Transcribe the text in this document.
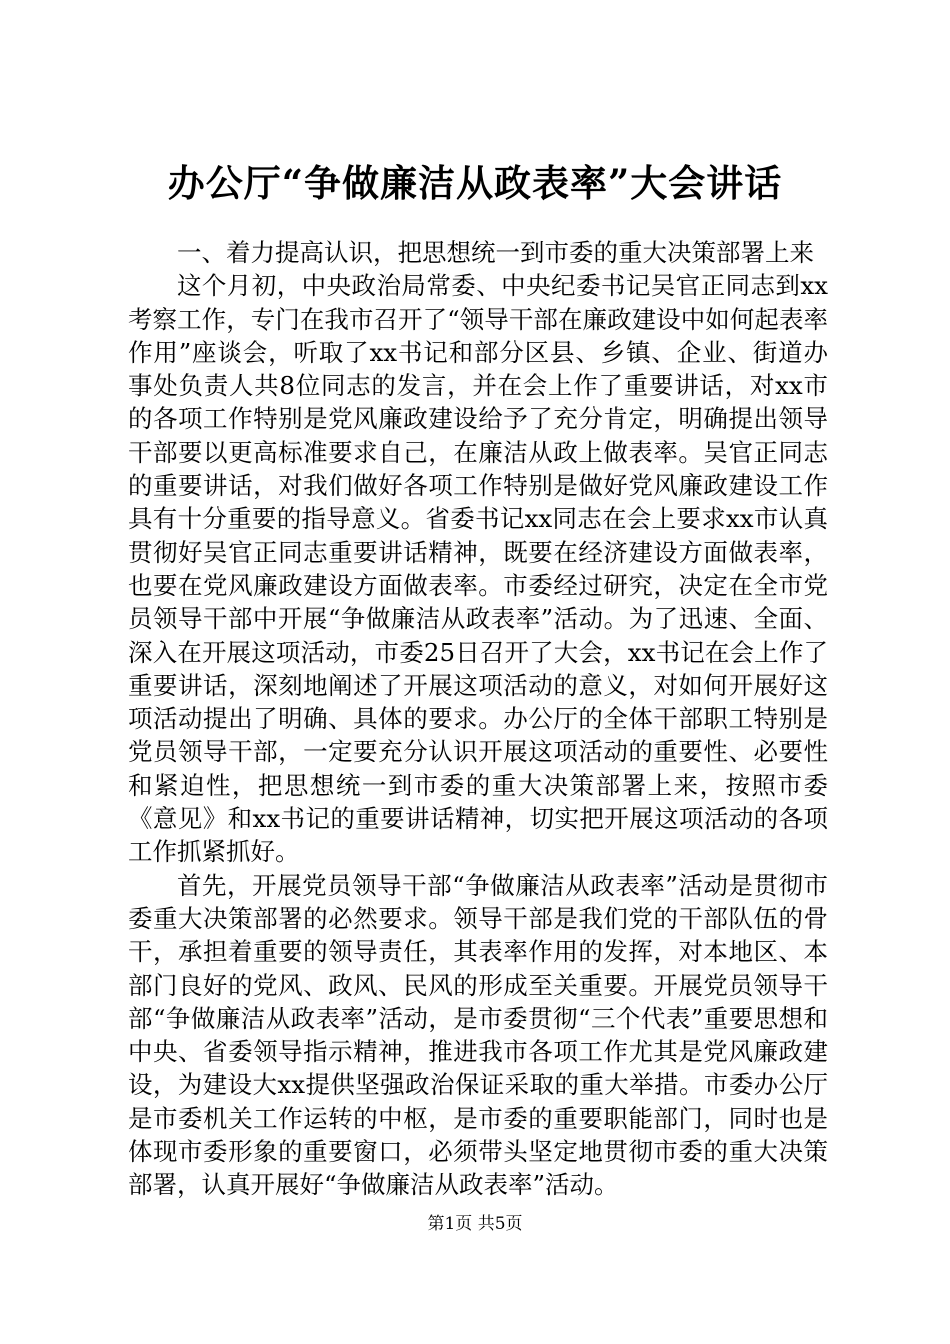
办公厅“争做廉洁从政表率”大会讲话

一、着力提高认识，把思想统一到市委的重大决策部署上来

这个月初，中央政治局常委、中央纪委书记吴官正同志到xx考察工作，专门在我市召开了“领导干部在廉政建设中如何起表率作用”座谈会，听取了xx书记和部分区县、乡镇、企业、街道办事处负责人共8位同志的发言，并在会上作了重要讲话，对xx市的各项工作特别是党风廉政建设给予了充分肯定，明确提出领导干部要以更高标准要求自己，在廉洁从政上做表率。吴官正同志的重要讲话，对我们做好各项工作特别是做好党风廉政建设工作具有十分重要的指导意义。省委书记xx同志在会上要求xx市认真贯彻好吴官正同志重要讲话精神，既要在经济建设方面做表率，也要在党风廉政建设方面做表率。市委经过研究，决定在全市党员领导干部中开展“争做廉洁从政表率”活动。为了迅速、全面、深入在开展这项活动，市委25日召开了大会，xx书记在会上作了重要讲话，深刻地阐述了开展这项活动的意义，对如何开展好这项活动提出了明确、具体的要求。办公厅的全体干部职工特别是党员领导干部，一定要充分认识开展这项活动的重要性、必要性和紧迫性，把思想统一到市委的重大决策部署上来，按照市委《意见》和xx书记的重要讲话精神，切实把开展这项活动的各项工作抓紧抓好。

首先，开展党员领导干部“争做廉洁从政表率”活动是贯彻市委重大决策部署的必然要求。领导干部是我们党的干部队伍的骨干，承担着重要的领导责任，其表率作用的发挥，对本地区、本部门良好的党风、政风、民风的形成至关重要。开展党员领导干部“争做廉洁从政表率”活动，是市委贯彻“三个代表”重要思想和中央、省委领导指示精神，推进我市各项工作尤其是党风廉政建设，为建设大xx提供坚强政治保证采取的重大举措。市委办公厅是市委机关工作运转的中枢，是市委的重要职能部门，同时也是体现市委形象的重要窗口，必须带头坚定地贯彻市委的重大决策部署，认真开展好“争做廉洁从政表率”活动。

第1页 共5页
